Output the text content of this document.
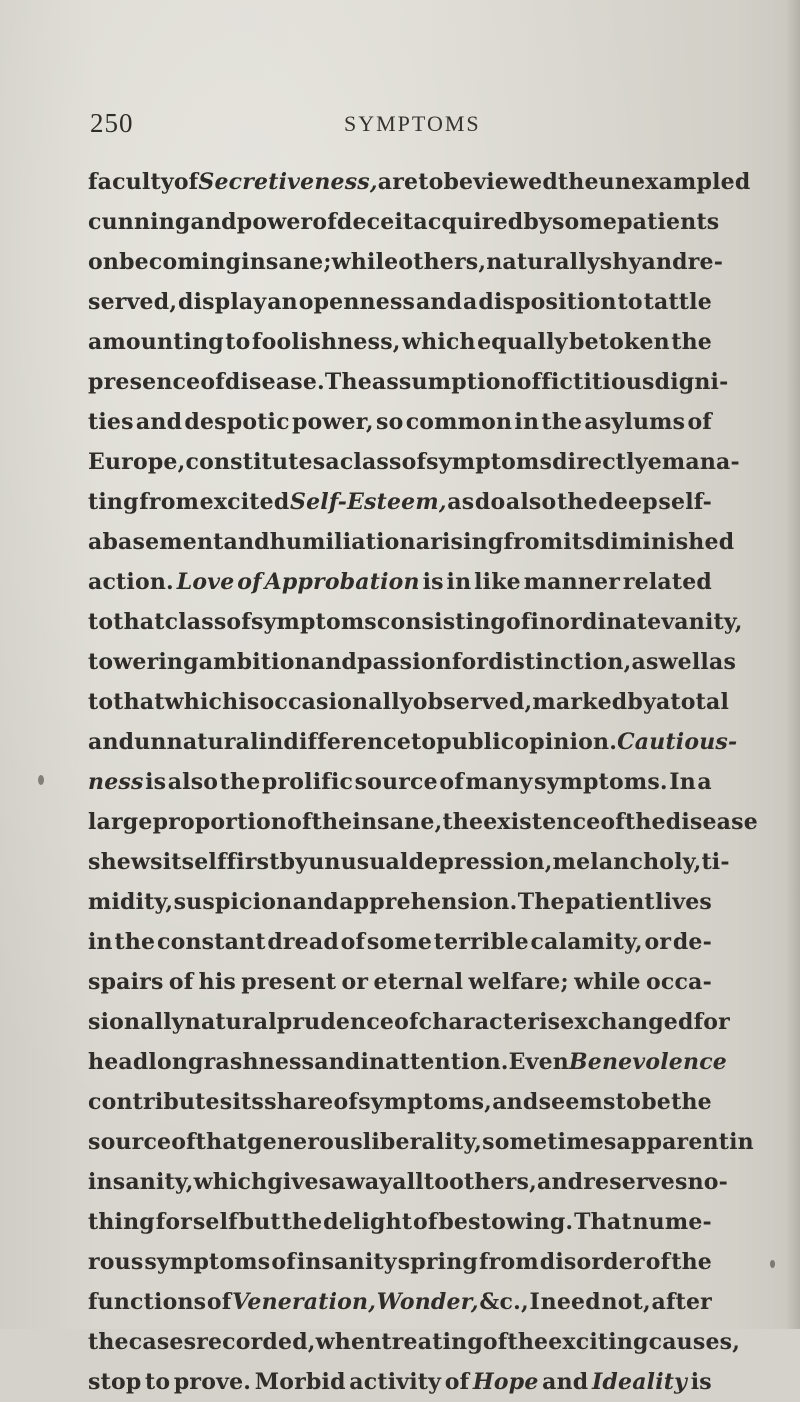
250	SYMPTOMS
faculty of Secretiveness, are to be viewed the unexampled
cunning and power of deceit acquired by some patients
on becoming insane; while others, naturally shy and re-
served, display an openness and a disposition to tattle
amounting to foolishness, which equally betoken the
presence of disease. The assumption of fictitious digni-
ties and despotic power, so common in the asylums of
Europe, constitutes a class of symptoms directly emana-
ting from excited Self-Esteem, as do also the deep self-
abasement and humiliation arising from its diminished
action. Love of Approbation is in like manner related
to that class of symptoms consisting of inordinate vanity,
towering ambition and passion for distinction, as well as
to that which is occasionally observed, marked by a total
and unnatural indifference to public opinion. Cautious-
ness is also the prolific source of many symptoms. In a
large proportion of the insane, the existence of the disease
shews itself first by unusual depression, melancholy, ti-
midity, suspicion and apprehension. The patient lives
in the constant dread of some terrible calamity, or de-
spairs of his present or eternal welfare; while occa-
sionally natural prudence of character is exchanged for
headlong rashness and inattention. Even Benevolence
contributes its share of symptoms, and seems to be the
source of that generous liberality, sometimes apparent in
insanity, which gives away all to others, and reserves no-
thing for self but the delight of bestowing. That nume-
rous symptoms of insanity spring from disorder of the
functions of Veneration, Wonder, &c., I need not, after
the cases recorded, when treating of the exciting causes,
stop to prove. Morbid activity of Hope and Ideality is
